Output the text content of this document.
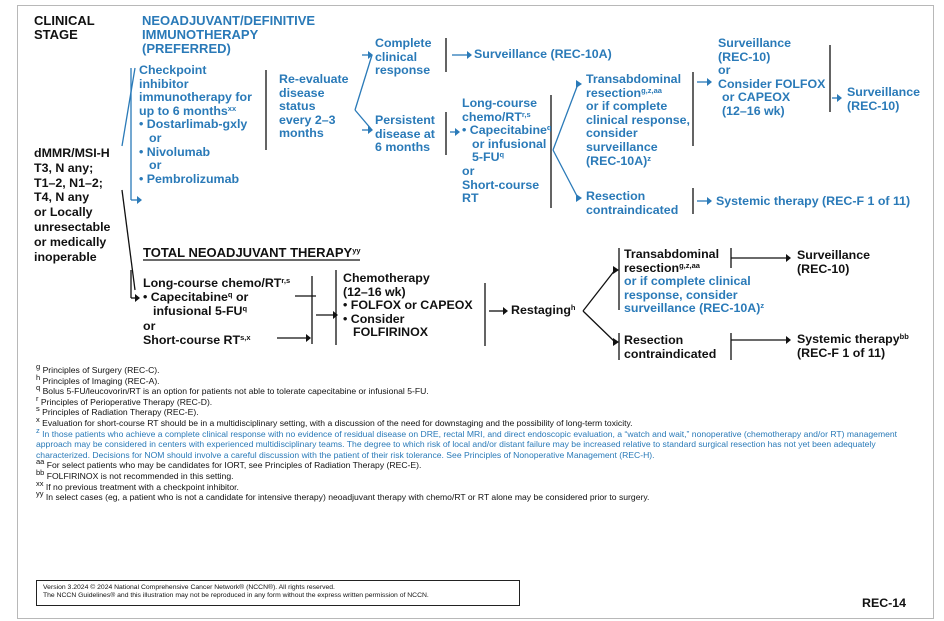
CLINICAL
STAGE
NEOADJUVANT/DEFINITIVE
IMMUNOTHERAPY
(PREFERRED)
dMMR/MSI-H
T3, N any;
T1–2, N1–2;
T4, N any
or Locally
unresectable
or medically
inoperable
Checkpoint
inhibitor
immunotherapy for
up to 6 months$^{xx}$
• Dostarlimab-gxly
or
• Nivolumab
or
• Pembrolizumab
Re-evaluate
disease
status
every 2–3
months
Complete
clinical
response
Surveillance (REC-10A)
Persistent
disease at
6 months
Long-course
chemo/RT$^{r,s}$
• Capecitabine$^q$
or infusional
$5-FU^q$
or
Short-course
RT
Transabdominal
resection$^{g,z,aa}$
or if complete
clinical response,
consider
surveillance
$(REC-10A)^z$
Surveillance
(REC-10)
or
Consider FOLFOX
or CAPEOX
(12–16 wk)
Surveillance
(REC-10)
Resection
contraindicated
Systemic therapy (REC-F 1 of 11)
TOTAL NEOADJUVANT $THERAPY^{yy}$
Long-course chemo/RT$^{r,s}$
• Capecitabine$^q$ or
infusional $5-FU^q$
or
Short-course RT$^{s,x}$
Chemotherapy
(12–16 wk)
• FOLFOX or CAPEOX
• Consider
FOLFIRINOX
Restaging$^h$
Transabdominal
resection$^{g,z,aa}$
or if complete clinical
response, consider
surveillance $(REC-10A)^z$
Surveillance
(REC-10)
Resection
contraindicated
Systemic therapy$^{bb}$
(REC-F 1 of 11)
$^g$ Principles of Surgery (REC-C).
$^h$ Principles of Imaging (REC-A).
$^q$ Bolus 5-FU/leucovorin/RT is an option for patients not able to tolerate capecitabine or infusional 5-FU.
$^r$ Principles of Perioperative Therapy (REC-D).
$^s$ Principles of Radiation Therapy (REC-E).
$^x$ Evaluation for short-course RT should be in a multidisciplinary setting, with a discussion of the need for downstaging and the possibility of long-term toxicity.
$^z$ In those patients who achieve a complete clinical response with no evidence of residual disease on DRE, rectal MRI, and direct endoscopic evaluation, a “watch and wait,” nonoperative (chemotherapy and/or RT) management approach may be considered in centers with experienced multidisciplinary teams. The degree to which risk of local and/or distant failure may be increased relative to standard surgical resection has not yet been adequately characterized. Decisions for NOM should involve a careful discussion with the patient of their risk tolerance. See Principles of Nonoperative Management (REC-H).
$^{aa}$ For select patients who may be candidates for IORT, see Principles of Radiation Therapy (REC-E).
$^{bb}$ FOLFIRINOX is not recommended in this setting.
$^{xx}$ If no previous treatment with a checkpoint inhibitor.
$^{yy}$ In select cases (eg, a patient who is not a candidate for intensive therapy) neoadjuvant therapy with chemo/RT or RT alone may be considered prior to surgery.
Version 3.2024 © 2024 National Comprehensive Cancer Network® (NCCN®). All rights reserved.
The NCCN Guidelines® and this illustration may not be reproduced in any form without the express written permission of NCCN.
REC-14
